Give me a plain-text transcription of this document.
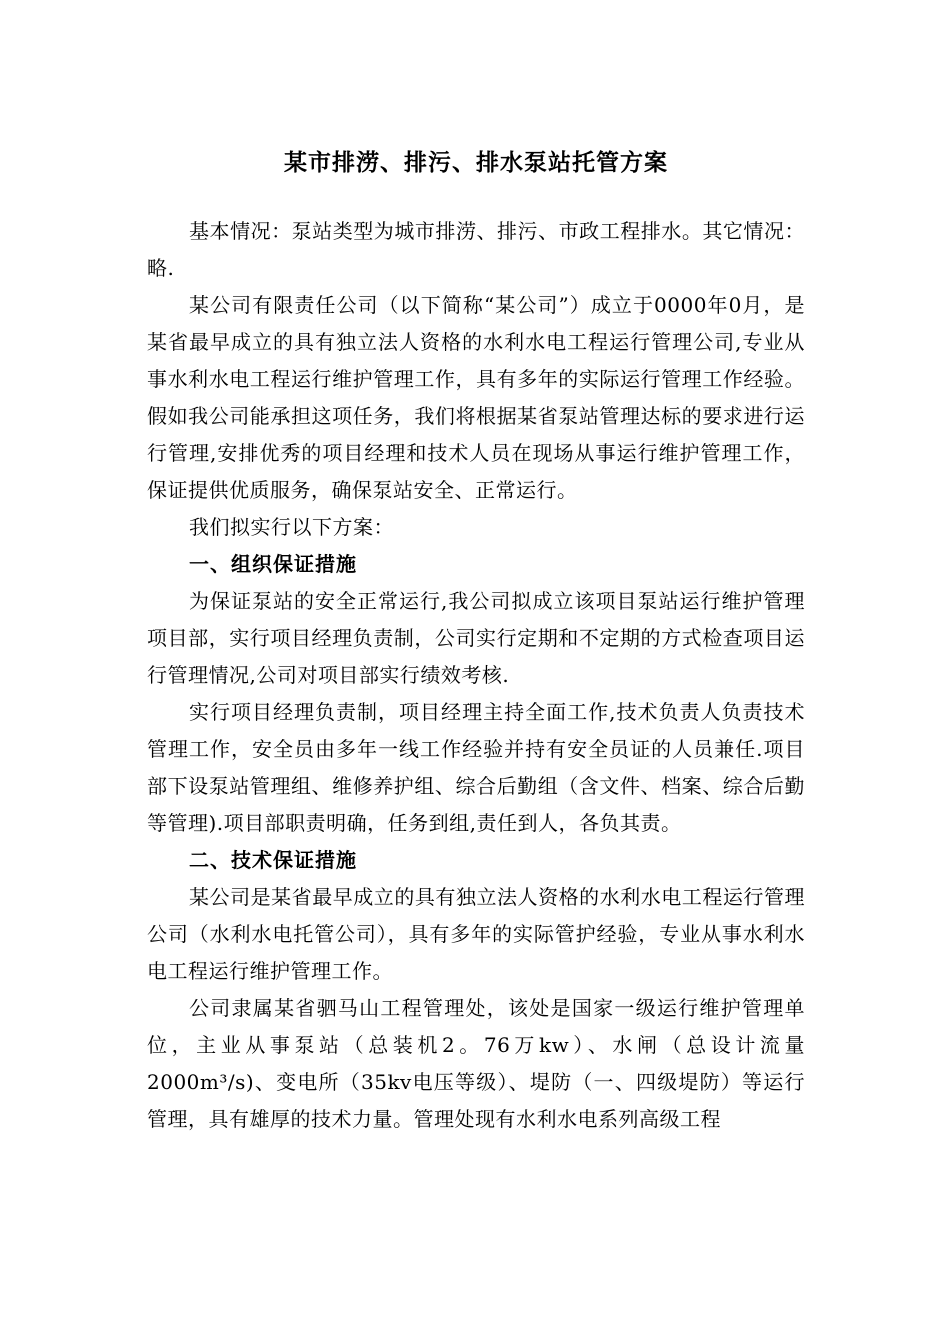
某市排涝、排污、排水泵站托管方案

基本情况：泵站类型为城市排涝、排污、市政工程排水。其它情况：略.

某公司有限责任公司（以下简称“某公司”）成立于0000年0月，是某省最早成立的具有独立法人资格的水利水电工程运行管理公司,专业从事水利水电工程运行维护管理工作，具有多年的实际运行管理工作经验。假如我公司能承担这项任务，我们将根据某省泵站管理达标的要求进行运行管理,安排优秀的项目经理和技术人员在现场从事运行维护管理工作，保证提供优质服务，确保泵站安全、正常运行。

我们拟实行以下方案：

一、组织保证措施

为保证泵站的安全正常运行,我公司拟成立该项目泵站运行维护管理项目部，实行项目经理负责制，公司实行定期和不定期的方式检查项目运行管理情况,公司对项目部实行绩效考核.

实行项目经理负责制，项目经理主持全面工作,技术负责人负责技术管理工作，安全员由多年一线工作经验并持有安全员证的人员兼任.项目部下设泵站管理组、维修养护组、综合后勤组（含文件、档案、综合后勤等管理).项目部职责明确，任务到组,责任到人，各负其责。

二、技术保证措施

某公司是某省最早成立的具有独立法人资格的水利水电工程运行管理公司（水利水电托管公司），具有多年的实际管护经验，专业从事水利水电工程运行维护管理工作。

公司隶属某省驷马山工程管理处，该处是国家一级运行维护管理单位，主业从事泵站（总装机2。76万kw）、水闸（总设计流量2000m³/s)、变电所（35kv电压等级）、堤防（一、四级堤防）等运行管理，具有雄厚的技术力量。管理处现有水利水电系列高级工程
